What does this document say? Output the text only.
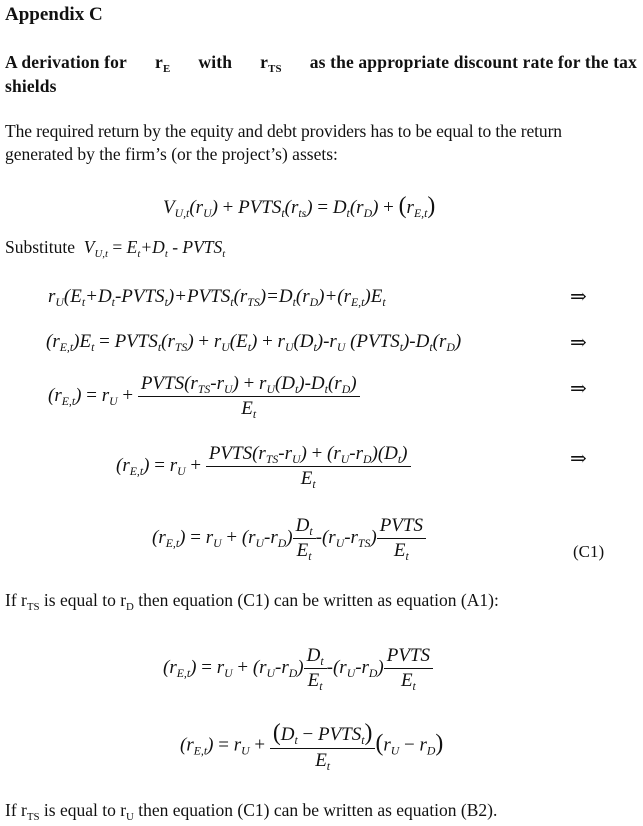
Appendix C
A derivation for $r_E$ with $r_{TS}$ as the appropriate discount rate for the tax
shields
The required return by the equity and debt providers has to be equal to the return
generated by the firm’s (or the project’s) assets:
$V_{U,t}(r_U)$ + $PVTS_t(r_{ts}) = D_t(r_D) + (r_{E,t})$
Substitute  $V_{U,t} = E_t+D_t$ - $PVTS_t$
$r_U(E_t+D_t-PVTS_t)+PVTS_t(r_{TS})=D_t(r_D)+(r_{E,t})E_t$	⇒
$(r_{E,t})E_t$ = $PVTS_t(r_{TS}) + r_U(E_t) + r_U(D_t)-r_U$ $(PVTS_t)-D_t(r_D)$	⇒
$(r_{E,t}) = r_U + \frac{PVTS(r_{TS}-r_U) + r_U(D_t)-D_t(r_D)}{E_t}$	⇒
$(r_{E,t}) = r_U + \frac{PVTS(r_{TS}-r_U) + (r_U-r_D)(D_t)}{E_t}$	⇒
$(r_{E,t}) = r_U + (r_U-r_D) \frac{D_t}{E_t} -(r_U-r_{TS}) \frac{\text{PVTS}}{E_t}$	(C1)
If $r_{TS}$ is equal to $r_D$ then equation (C1) can be written as equation (A1):
$(r_{E,t}) = r_U + (r_U-r_D) \frac{D_t}{E_t} -(r_U-r_D) \frac{\text{PVTS}}{E_t}$
$(r_{E,t}) = r_U + \frac{(D_t - PVTS_t)}{E_t} (r_U - r_D)$
If $r_{TS}$ is equal to $r_U$ then equation (C1) can be written as equation (B2).
